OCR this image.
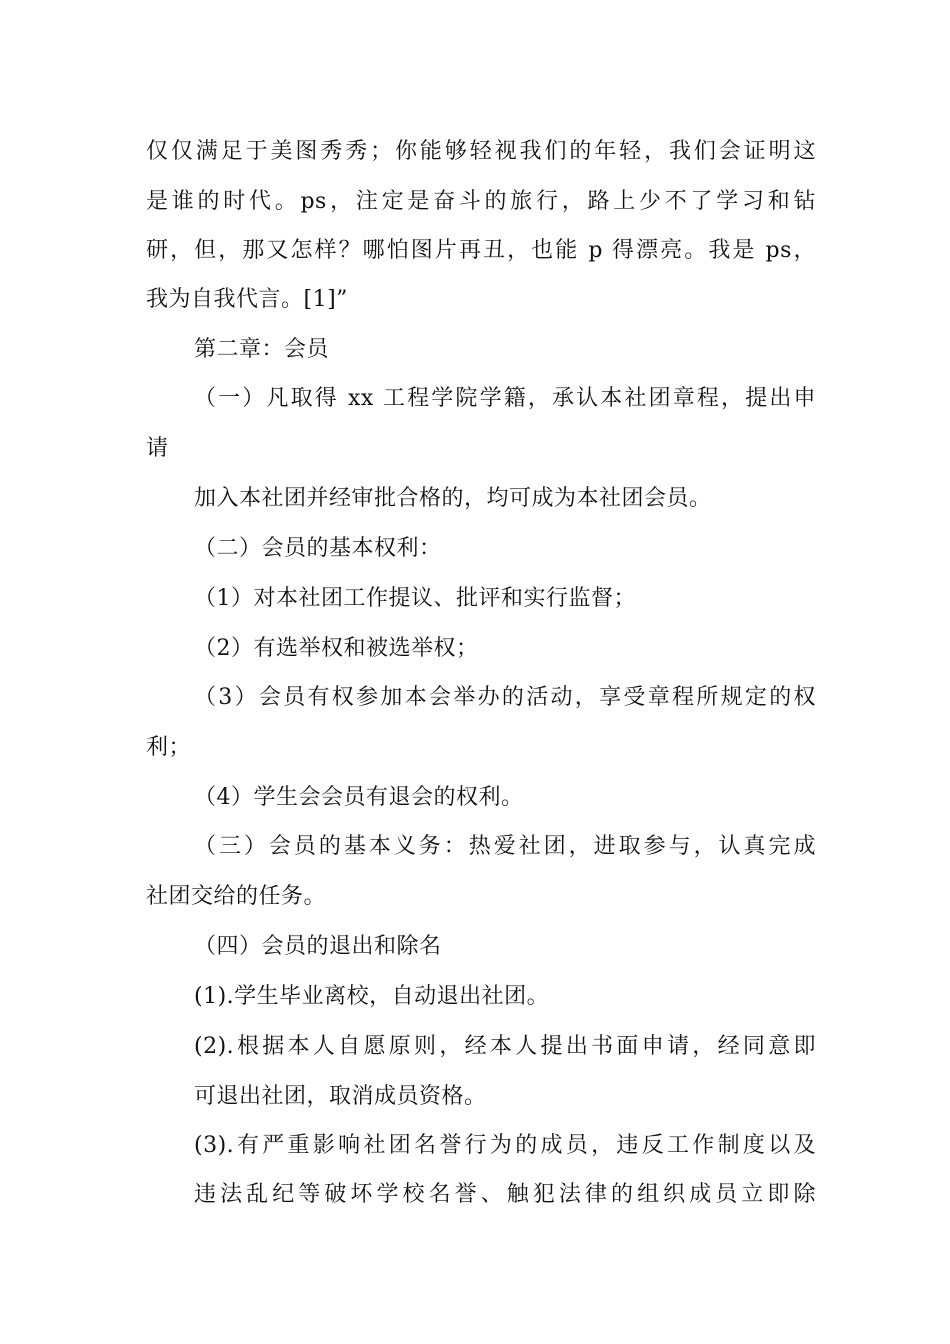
仅仅满足于美图秀秀；你能够轻视我们的年轻，我们会证明这
是谁的时代。ps，注定是奋斗的旅行，路上少不了学习和钻
研，但，那又怎样？哪怕图片再丑，也能 p 得漂亮。我是 ps，
我为自我代言。[1]”
第二章：会员
（一）凡取得 xx 工程学院学籍，承认本社团章程，提出申
请
加入本社团并经审批合格的，均可成为本社团会员。
（二）会员的基本权利：
（1）对本社团工作提议、批评和实行监督；
（2）有选举权和被选举权；
（3）会员有权参加本会举办的活动，享受章程所规定的权
利；
（4）学生会会员有退会的权利。
（三）会员的基本义务：热爱社团，进取参与，认真完成
社团交给的任务。
（四）会员的退出和除名
(1).学生毕业离校，自动退出社团。
(2).根据本人自愿原则，经本人提出书面申请，经同意即
可退出社团，取消成员资格。
(3).有严重影响社团名誉行为的成员，违反工作制度以及
违法乱纪等破坏学校名誉、触犯法律的组织成员立即除
